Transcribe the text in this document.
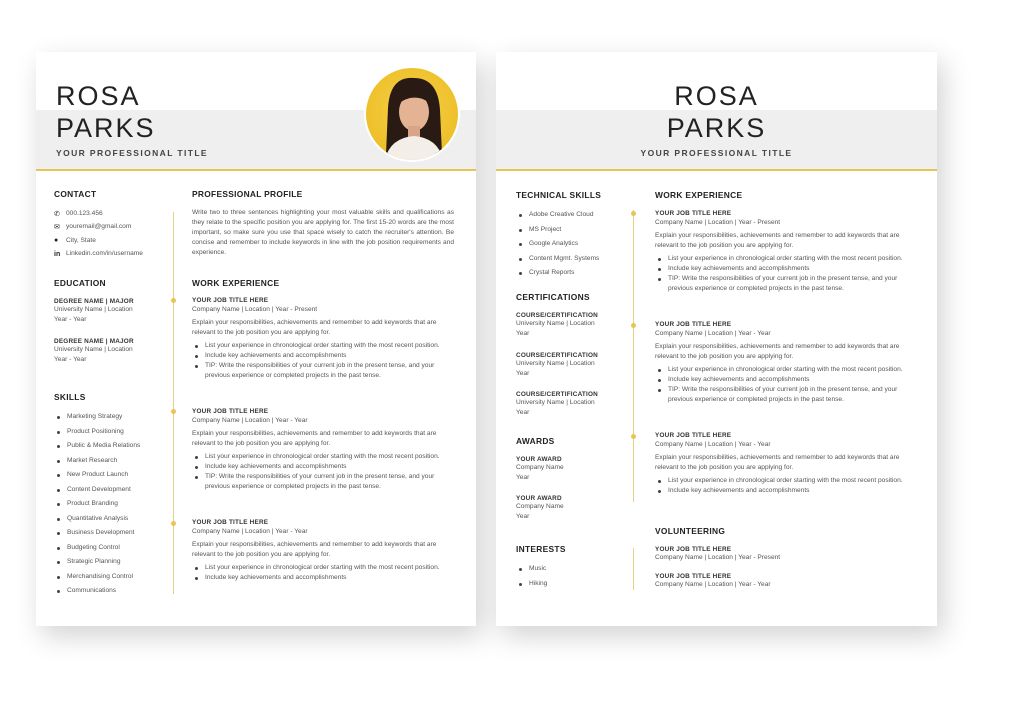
ROSA
PARKS
YOUR PROFESSIONAL TITLE
CONTACT
✆ 000.123.456
✉ youremail@gmail.com
●	City, State
in Linkedin.com/in/username
EDUCATION
DEGREE NAME | MAJOR
University Name | Location
Year - Year
DEGREE NAME | MAJOR
University Name | Location
Year - Year
SKILLS
Marketing Strategy
Product Positioning
Public & Media Relations
Market Research
New Product Launch
Content Development
Product Branding
Quantitative Analysis
Business Development
Budgeting Control
Strategic Planning
Merchandising Control
Communications
PROFESSIONAL PROFILE
Write two to three sentences highlighting your most valuable skills and qualifications as they relate to the specific position you are applying for. The first 15-20 words are the most important, so make sure you use that space wisely to catch the recruiter's attention. Be concise and remember to include keywords in line with the job position requirements and experience.
WORK EXPERIENCE
YOUR JOB TITLE HERE
Company Name | Location | Year - Present
Explain your responsibilities, achievements and remember to add keywords that are relevant to the job position you are applying for.
List your experience in chronological order starting with the most recent position.
Include key achievements and accomplishments
TIP: Write the responsibilities of your current job in the present tense, and your previous experience or completed projects in the past tense.
YOUR JOB TITLE HERE
Company Name | Location | Year - Year
Explain your responsibilities, achievements and remember to add keywords that are relevant to the job position you are applying for.
List your experience in chronological order starting with the most recent position.
Include key achievements and accomplishments
TIP: Write the responsibilities of your current job in the present tense, and your previous experience or completed projects in the past tense.
YOUR JOB TITLE HERE
Company Name | Location | Year - Year
Explain your responsibilities, achievements and remember to add keywords that are relevant to the job position you are applying for.
List your experience in chronological order starting with the most recent position.
Include key achievements and accomplishments
ROSA
PARKS
YOUR PROFESSIONAL TITLE
TECHNICAL SKILLS
Adobe Creative Cloud
MS Project
Google Analytics
Content Mgmt. Systems
Crystal Reports
CERTIFICATIONS
COURSE/CERTIFICATION
University Name | Location
Year
COURSE/CERTIFICATION
University Name | Location
Year
COURSE/CERTIFICATION
University Name | Location
Year
AWARDS
YOUR AWARD
Company Name
Year
YOUR AWARD
Company Name
Year
INTERESTS
Music
Hiking
WORK EXPERIENCE
YOUR JOB TITLE HERE
Company Name | Location | Year - Present
Explain your responsibilities, achievements and remember to add keywords that are relevant to the job position you are applying for.
List your experience in chronological order starting with the most recent position.
Include key achievements and accomplishments
TIP: Write the responsibilities of your current job in the present tense, and your previous experience or completed projects in the past tense.
YOUR JOB TITLE HERE
Company Name | Location | Year - Year
Explain your responsibilities, achievements and remember to add keywords that are relevant to the job position you are applying for.
List your experience in chronological order starting with the most recent position.
Include key achievements and accomplishments
TIP: Write the responsibilities of your current job in the present tense, and your previous experience or completed projects in the past tense.
YOUR JOB TITLE HERE
Company Name | Location | Year - Year
Explain your responsibilities, achievements and remember to add keywords that are relevant to the job position you are applying for.
List your experience in chronological order starting with the most recent position.
Include key achievements and accomplishments
VOLUNTEERING
YOUR JOB TITLE HERE
Company Name | Location | Year - Present
YOUR JOB TITLE HERE
Company Name | Location | Year - Year
